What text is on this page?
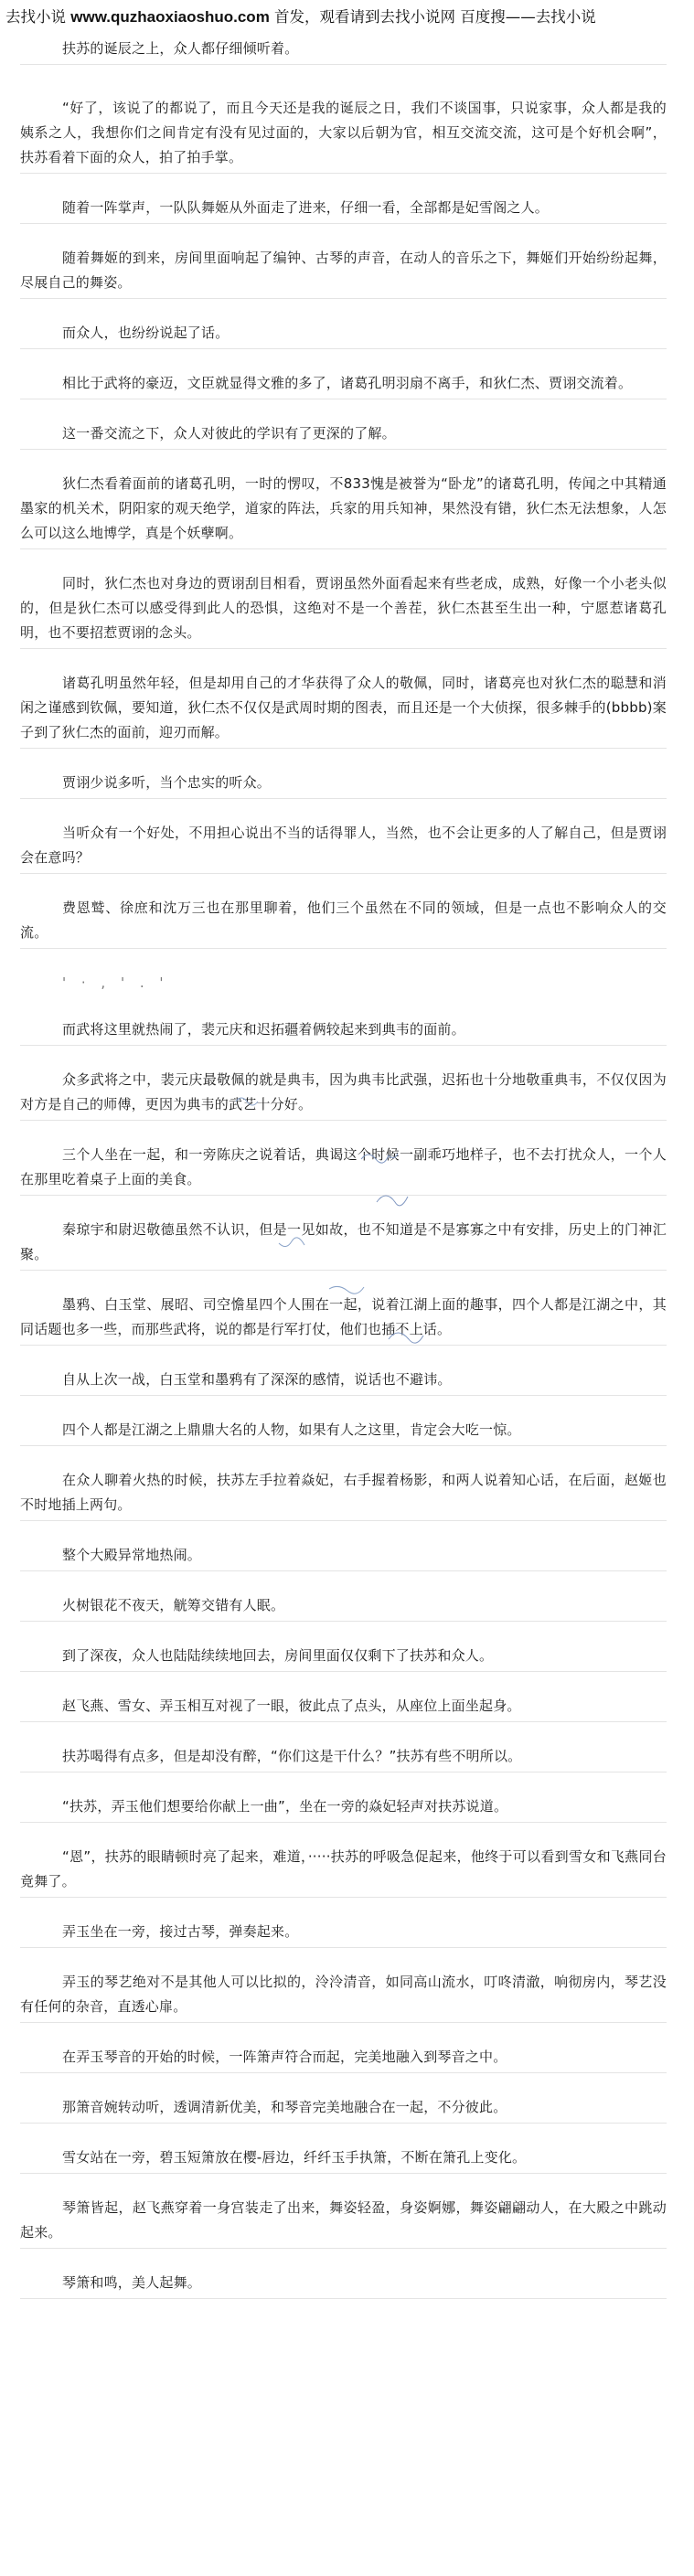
去找小说 www.quzhaoxiaoshuo.com 首发，观看请到去找小说网 百度搜——去找小说

扶苏的诞辰之上，众人都仔细倾听着。

“好了，该说了的都说了，而且今天还是我的诞辰之日，我们不谈国事，只说家事，众人都是我的姨系之人，我想你们之间肯定有没有见过面的，大家以后朝为官，相互交流交流，这可是个好机会啊”，扶苏看着下面的众人，拍了拍手掌。

随着一阵掌声，一队队舞姬从外面走了进来，仔细一看，全部都是妃雪阁之人。

随着舞姬的到来，房间里面响起了编钟、古琴的声音，在动人的音乐之下，舞姬们开始纷纷起舞，尽展自己的舞姿。

而众人，也纷纷说起了话。

相比于武将的豪迈，文臣就显得文雅的多了，诸葛孔明羽扇不离手，和狄仁杰、贾诩交流着。

这一番交流之下，众人对彼此的学识有了更深的了解。

狄仁杰看着面前的诸葛孔明，一时的愣叹，不833愧是被誉为“卧龙”的诸葛孔明，传闻之中其精通墨家的机关术，阴阳家的观天绝学，道家的阵法，兵家的用兵知神，果然没有错，狄仁杰无法想象，人怎么可以这么地博学，真是个妖孽啊。

同时，狄仁杰也对身边的贾诩刮目相看，贾诩虽然外面看起来有些老成，成熟，好像一个小老头似的，但是狄仁杰可以感受得到此人的恐惧，这绝对不是一个善茬，狄仁杰甚至生出一种，宁愿惹诸葛孔明，也不要招惹贾诩的念头。

诸葛孔明虽然年轻，但是却用自己的才华获得了众人的敬佩，同时，诸葛亮也对狄仁杰的聪慧和消闲之谨感到钦佩，要知道，狄仁杰不仅仅是武周时期的图表，而且还是一个大侦探，很多棘手的(bbbb)案子到了狄仁杰的面前，迎刃而解。

贾诩少说多听，当个忠实的听众。

当听众有一个好处，不用担心说出不当的话得罪人，当然，也不会让更多的人了解自己，但是贾诩会在意吗？

费恩鹫、徐庶和沈万三也在那里聊着，他们三个虽然在不同的领域，但是一点也不影响众人的交流。

' · , ' . '

而武将这里就热闹了，裴元庆和迟拓疆着俩较起来到典韦的面前。

众多武将之中，裴元庆最敬佩的就是典韦，因为典韦比武强，迟拓也十分地敬重典韦，不仅仅因为对方是自己的师傅，更因为典韦的武艺十分好。

三个人坐在一起，和一旁陈庆之说着话，典谒这个时候一副乖巧地样子，也不去打扰众人，一个人在那里吃着桌子上面的美食。

秦琼宇和尉迟敬德虽然不认识，但是一见如故，也不知道是不是寡寡之中有安排，历史上的门神汇聚。

墨鸦、白玉堂、展昭、司空憺星四个人围在一起，说着江湖上面的趣事，四个人都是江湖之中，其同话题也多一些，而那些武将，说的都是行军打仗，他们也插不上话。

自从上次一战，白玉堂和墨鸦有了深深的感情，说话也不避讳。

四个人都是江湖之上鼎鼎大名的人物，如果有人之这里，肯定会大吃一惊。

在众人聊着火热的时候，扶苏左手拉着焱妃，右手握着杨影，和两人说着知心话，在后面，赵姬也不时地插上两句。

整个大殿异常地热闹。

火树银花不夜天，觥筹交错有人眠。

到了深夜，众人也陆陆续续地回去，房间里面仅仅剩下了扶苏和众人。

赵飞燕、雪女、弄玉相互对视了一眼，彼此点了点头，从座位上面坐起身。

扶苏喝得有点多，但是却没有醉，“你们这是干什么？”扶苏有些不明所以。

“扶苏，弄玉他们想要给你献上一曲”，坐在一旁的焱妃轻声对扶苏说道。

“恩”，扶苏的眼睛顿时亮了起来，难道，·····扶苏的呼吸急促起来，他终于可以看到雪女和飞燕同台竟舞了。

弄玉坐在一旁，接过古琴，弹奏起来。

弄玉的琴艺绝对不是其他人可以比拟的，泠泠清音，如同高山流水，叮咚清澈，响彻房内，琴艺没有任何的杂音，直透心扉。

在弄玉琴音的开始的时候，一阵箫声符合而起，完美地融入到琴音之中。

那箫音婉转动听，透调清新优美，和琴音完美地融合在一起，不分彼此。

雪女站在一旁，碧玉短箫放在樱-唇边，纤纤玉手执箫，不断在箫孔上变化。

琴箫皆起，赵飞燕穿着一身宫装走了出来，舞姿轻盈，身姿婀娜，舞姿翩翩动人，在大殿之中跳动起来。

琴箫和鸣，美人起舞。
